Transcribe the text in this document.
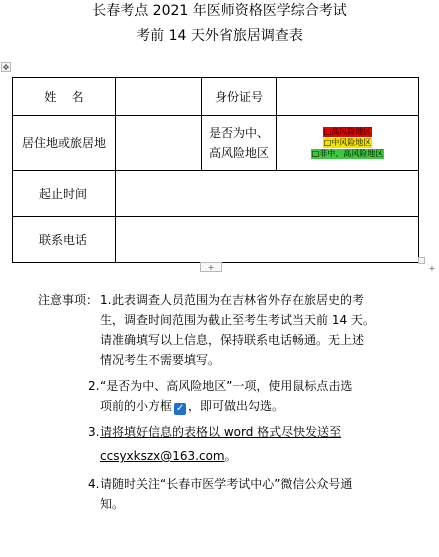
长春考点 2021 年医师资格医学综合考试
考前 14 天外省旅居调查表
✥
姓    名		身份证号	
居住地或旅居地		是否为中、高风险地区	□高风险地区
□中风险地区
□非中、高风险地区

起止时间			
联系电话			
+	+
注意事项： 1. 此表调查人员范围为在吉林省外存在旅居史的考

生，调查时间范围为截止至考生考试当天前 14 天。

请准确填写以上信息，保持联系电话畅通。无上述

情况考生不需要填写。

2. “是否为中、高风险地区”一项，使用鼠标点击选

项前的小方框 ✓ ，即可做出勾选。

3. 请将填好信息的表格以 word 格式尽快发送至

ccsyxkszx@163.com。

4. 请随时关注“长春市医学考试中心”微信公众号通

知。
